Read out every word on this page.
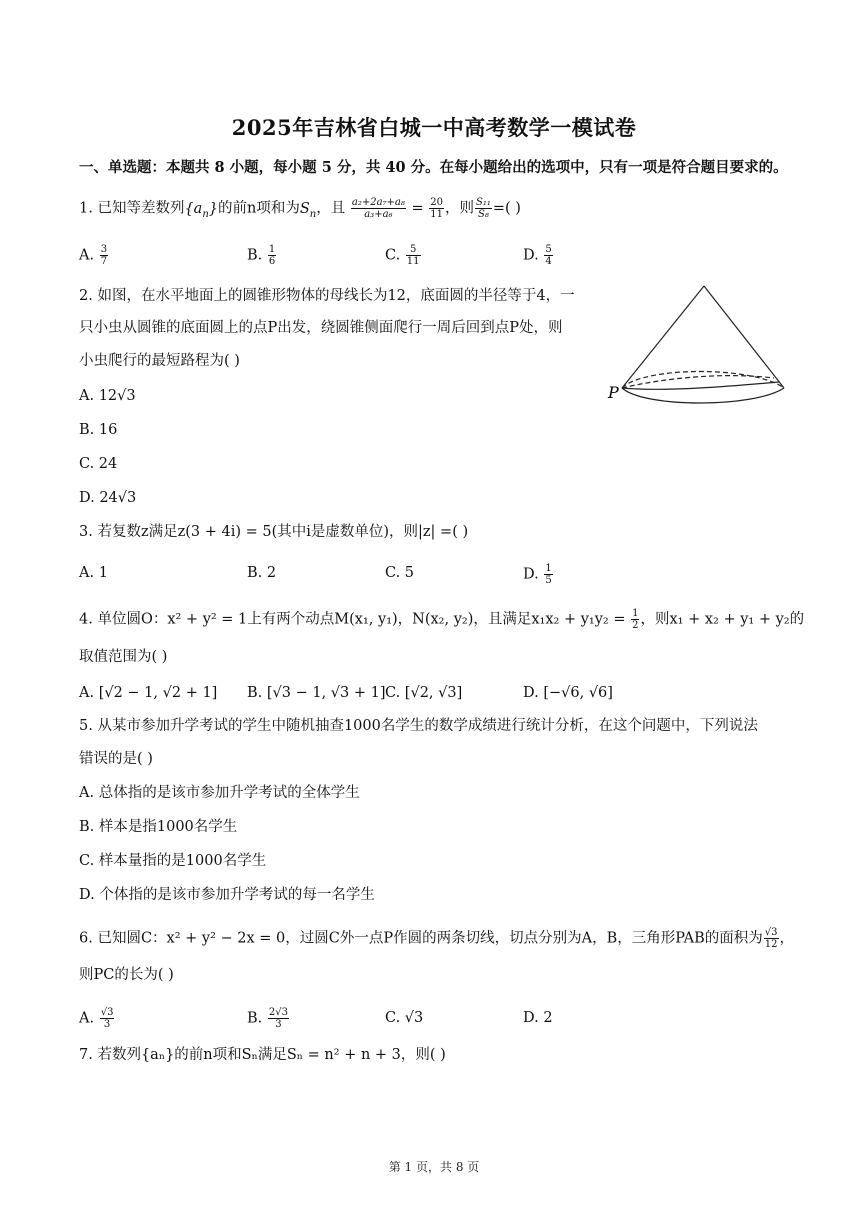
2025年吉林省白城一中高考数学一模试卷
一、单选题：本题共 8 小题，每小题 5 分，共 40 分。在每小题给出的选项中，只有一项是符合题目要求的。
1. 已知等差数列$\{a_n\}$的前n项和为$S_n$，且 $\frac{\text{a₂+2a₇+a₈}}{\text{a₃+a₆}} = \frac{20}{11}$ ，则 $\frac{\text{S₁₁}}{\text{S₈}}$ =( )
A. $\frac{3}{7}$	B. $\frac{1}{6}$	C. $\frac{5}{11}$	D. $\frac{5}{4}$
2. 如图，在水平地面上的圆锥形物体的母线长为12，底面圆的半径等于4，一
只小虫从圆锥的底面圆上的点P出发，绕圆锥侧面爬行一周后回到点P处，则
小虫爬行的最短路程为( )
A. 12√3
B. 16
C. 24
D. 24√3
P
3. 若复数z满足z(3 + 4i) = 5(其中i是虚数单位)，则|z| =( )
A. 1	B. 2	C. 5	D. $\frac{1}{5}$
4. 单位圆O：x² + y² = 1上有两个动点M(x₁, y₁)，N(x₂, y₂)，且满足$x_1x_2 + y_1y_2 = \frac{1}{2}$ ，则x₁ + x₂ + y₁ + y₂的
取值范围为( )
A. [√2 − 1, √2 + 1] B. [√3 − 1, √3 + 1] C. [√2, √3]	D. [−√6, √6]
5. 从某市参加升学考试的学生中随机抽查1000名学生的数学成绩进行统计分析，在这个问题中，下列说法
错误的是( )
A. 总体指的是该市参加升学考试的全体学生
B. 样本是指1000名学生
C. 样本量指的是1000名学生
D. 个体指的是该市参加升学考试的每一名学生
6. 已知圆C：x² + y² − 2x = 0，过圆C外一点P作圆的两条切线，切点分别为A，B，三角形PAB的面积为 $\frac{√3}{12}$ ，
则PC的长为( )
A. $\frac{√3}{3}$	B. $\frac{2√3}{3}$	C. √3	D. 2
7. 若数列{aₙ}的前n项和Sₙ满足Sₙ = n² + n + 3，则( )
第 1 页，共 8 页
